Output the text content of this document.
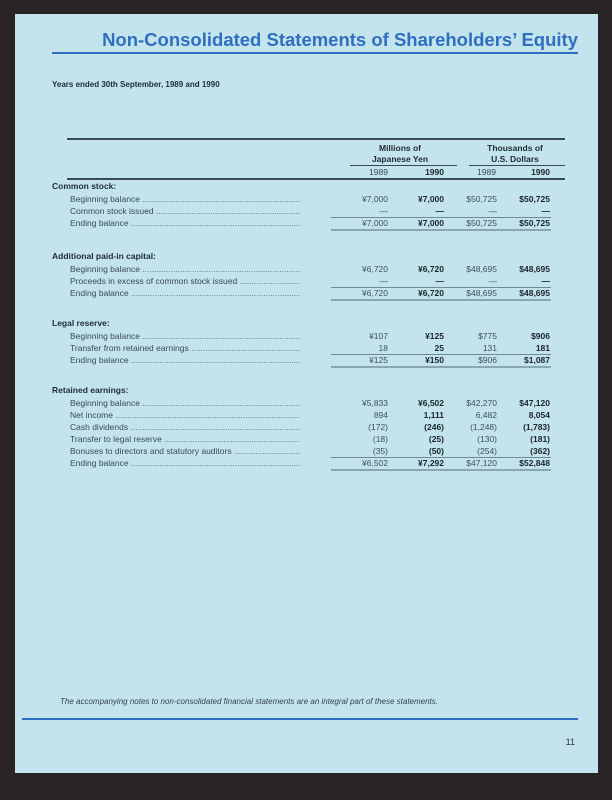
Non-Consolidated Statements of Shareholders’ Equity
Years ended 30th September, 1989 and 1990
Millions of
Japanese Yen
Thousands of
U.S. Dollars
1989	1990	1989	1990
Common stock:
Beginning balance .....	¥7,000	¥7,000	$50,725	$50,725
Common stock issued .....	—	—	—	—
Ending balance .....	¥7,000	¥7,000	$50,725	$50,725
Additional paid-in capital:
Beginning balance .....	¥6,720	¥6,720	$48,695	$48,695
Proceeds in excess of common stock issued .....	—	—	—	—
Ending balance .....	¥6,720	¥6,720	$48,695	$48,695
Legal reserve:
Beginning balance .....	¥107	¥125	$775	$906
Transfer from retained earnings .....	18	25	131	181
Ending balance .....	¥125	¥150	$906	$1,087
Retained earnings:
Beginning balance .....	¥5,833	¥6,502	$42,270	$47,120
Net income .....	894	1,111	6,482	8,054
Cash dividends .....	(172)	(246)	(1,248)	(1,783)
Transfer to legal reserve .....	(18)	(25)	(130)	(181)
Bonuses to directors and statutory auditors .....	(35)	(50)	(254)	(362)
Ending balance .....	¥6,502	¥7,292	$47,120	$52,848
The accompanying notes to non-consolidated financial statements are an integral part of these statements.
11
